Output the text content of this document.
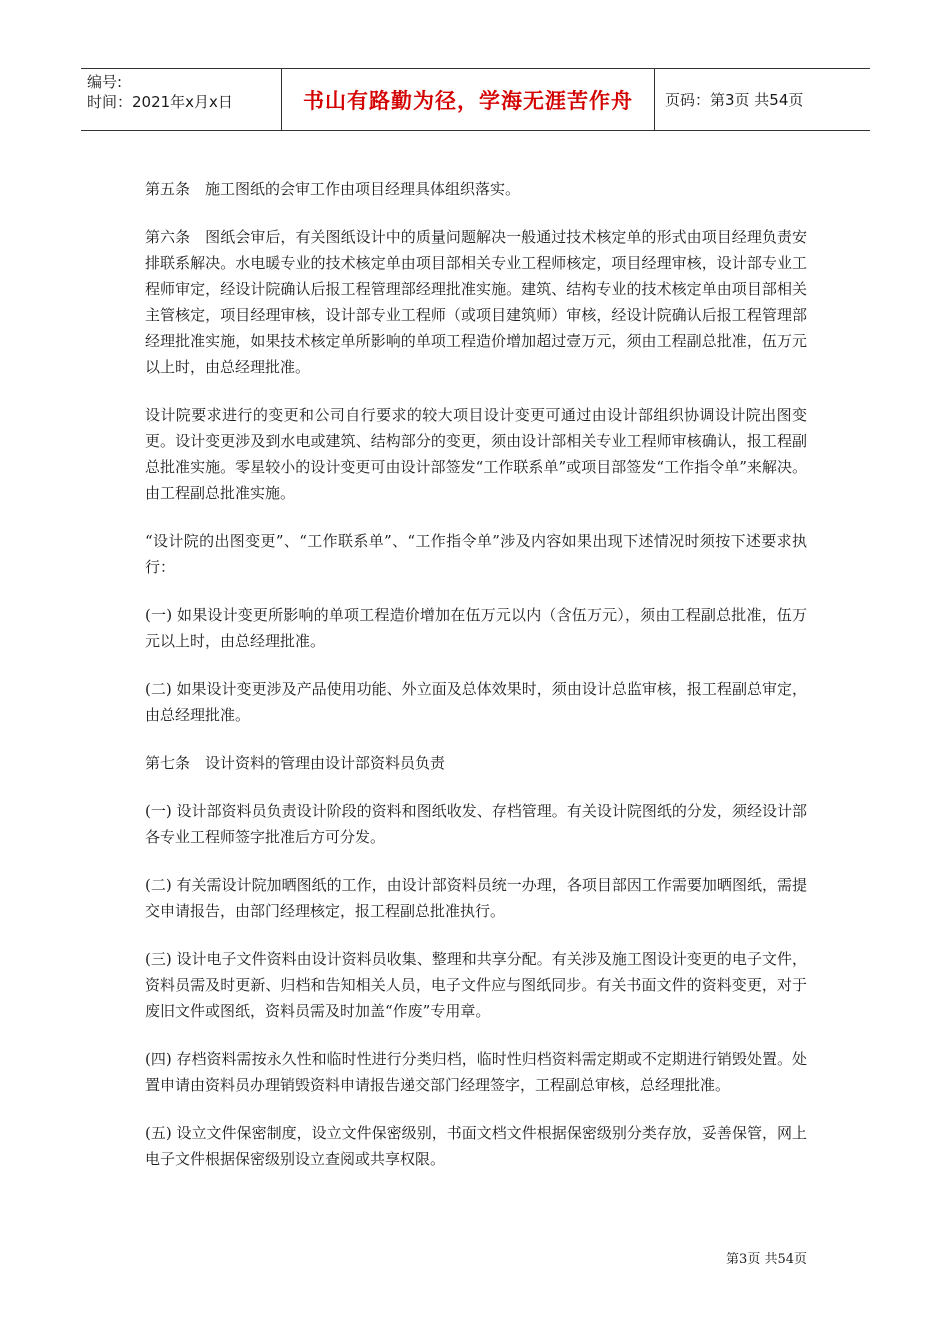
编号:
时间：2021年x月x日	书山有路勤为径，学海无涯苦作舟	页码：第3页 共54页

第五条　施工图纸的会审工作由项目经理具体组织落实。

第六条　图纸会审后，有关图纸设计中的质量问题解决一般通过技术核定单的形式由项目经理负责安排联系解决。水电暖专业的技术核定单由项目部相关专业工程师核定，项目经理审核，设计部专业工程师审定，经设计院确认后报工程管理部经理批准实施。建筑、结构专业的技术核定单由项目部相关主管核定，项目经理审核，设计部专业工程师（或项目建筑师）审核，经设计院确认后报工程管理部经理批准实施，如果技术核定单所影响的单项工程造价增加超过壹万元，须由工程副总批准，伍万元以上时，由总经理批准。

设计院要求进行的变更和公司自行要求的较大项目设计变更可通过由设计部组织协调设计院出图变更。设计变更涉及到水电或建筑、结构部分的变更，须由设计部相关专业工程师审核确认，报工程副总批准实施。零星较小的设计变更可由设计部签发“工作联系单”或项目部签发“工作指令单”来解决。由工程副总批准实施。

“设计院的出图变更”、“工作联系单”、“工作指令单”涉及内容如果出现下述情况时须按下述要求执行：

(一) 如果设计变更所影响的单项工程造价增加在伍万元以内（含伍万元），须由工程副总批准，伍万元以上时，由总经理批准。

(二) 如果设计变更涉及产品使用功能、外立面及总体效果时，须由设计总监审核，报工程副总审定，由总经理批准。

第七条　设计资料的管理由设计部资料员负责

(一) 设计部资料员负责设计阶段的资料和图纸收发、存档管理。有关设计院图纸的分发，须经设计部各专业工程师签字批准后方可分发。

(二) 有关需设计院加晒图纸的工作，由设计部资料员统一办理，各项目部因工作需要加晒图纸，需提交申请报告，由部门经理核定，报工程副总批准执行。

(三) 设计电子文件资料由设计资料员收集、整理和共享分配。有关涉及施工图设计变更的电子文件，资料员需及时更新、归档和告知相关人员，电子文件应与图纸同步。有关书面文件的资料变更，对于废旧文件或图纸，资料员需及时加盖“作废”专用章。

(四) 存档资料需按永久性和临时性进行分类归档，临时性归档资料需定期或不定期进行销毁处置。处置申请由资料员办理销毁资料申请报告递交部门经理签字，工程副总审核，总经理批准。

(五) 设立文件保密制度，设立文件保密级别，书面文档文件根据保密级别分类存放，妥善保管，网上电子文件根据保密级别设立查阅或共享权限。

第3页 共54页
